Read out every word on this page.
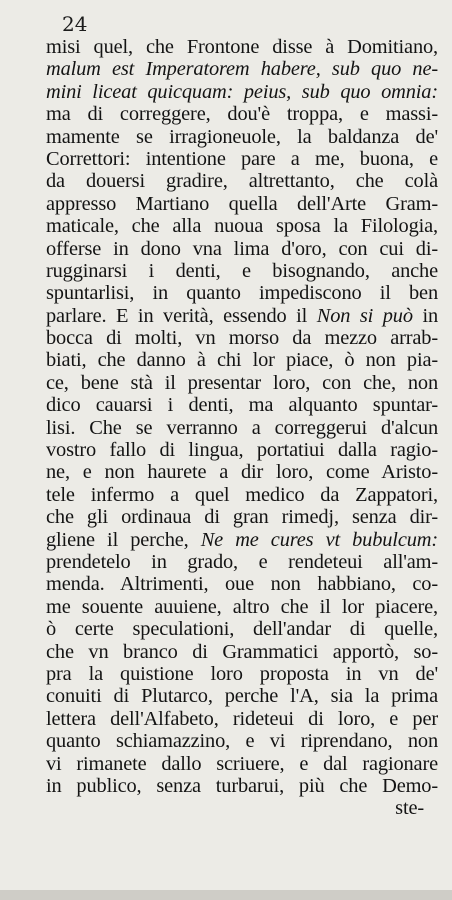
24
misi quel, che Frontone disse à Domitiano,
malum est Imperatorem habere, sub quo ne-
mini liceat quicquam: peius, sub quo omnia:
ma di correggere, dou'è troppa, e massi-
mamente se irragioneuole, la baldanza de'
Correttori: intentione pare a me, buona, e
da douersi gradire, altrettanto, che colà
appresso Martiano quella dell'Arte Gram-
maticale, che alla nuoua sposa la Filologia,
offerse in dono vna lima d'oro, con cui di-
rugginarsi i denti, e bisognando, anche
spuntarlisi, in quanto impediscono il ben
parlare. E in verità, essendo il Non si può in
bocca di molti, vn morso da mezzo arrab-
biati, che danno à chi lor piace, ò non pia-
ce, bene stà il presentar loro, con che, non
dico cauarsi i denti, ma alquanto spuntar-
lisi. Che se verranno a correggerui d'alcun
vostro fallo di lingua, portatiui dalla ragio-
ne, e non haurete a dir loro, come Aristo-
tele infermo a quel medico da Zappatori,
che gli ordinaua di gran rimedj, senza dir-
gliene il perche, Ne me cures vt bubulcum:
prendetelo in grado, e rendeteui all'am-
menda. Altrimenti, oue non habbiano, co-
me souente auuiene, altro che il lor piacere,
ò certe speculationi, dell'andar di quelle,
che vn branco di Grammatici apportò, so-
pra la quistione loro proposta in vn de'
conuiti di Plutarco, perche l'A, sia la prima
lettera dell'Alfabeto, rideteui di loro, e per
quanto schiamazzino, e vi riprendano, non
vi rimanete dallo scriuere, e dal ragionare
in publico, senza turbarui, più che Demo-
ste-
